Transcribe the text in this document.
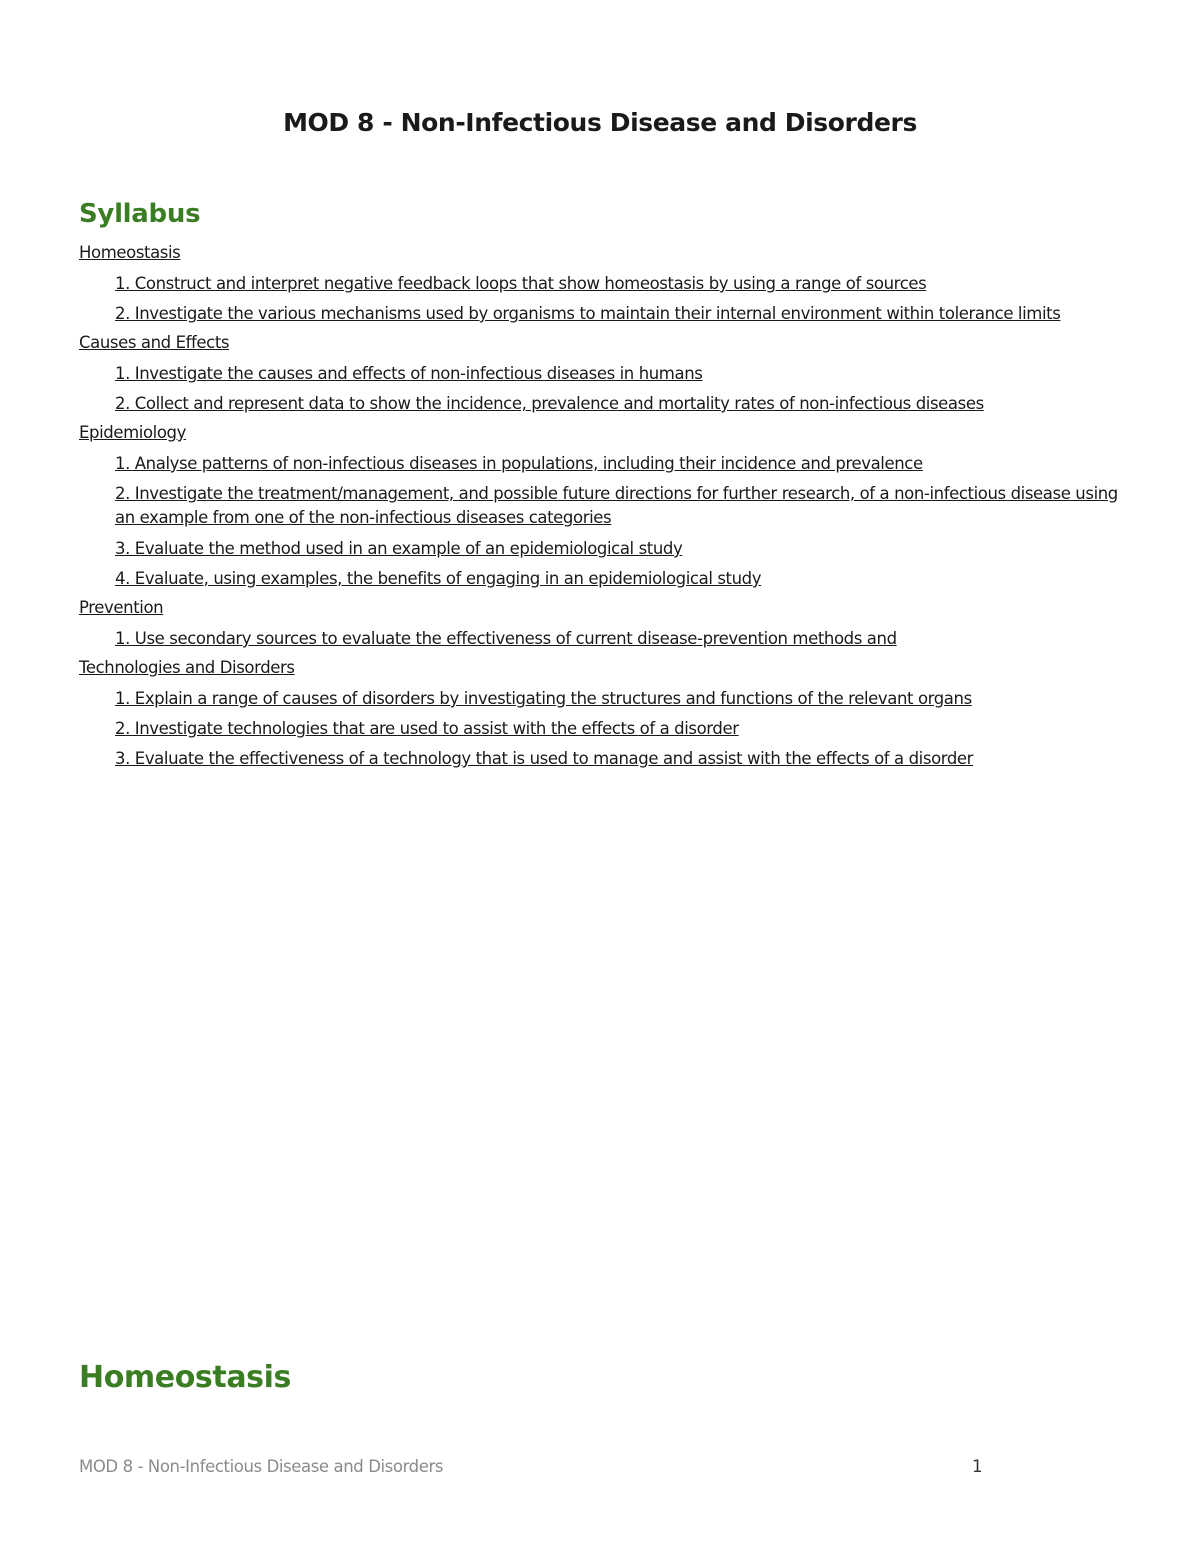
MOD 8 - Non-Infectious Disease and Disorders
Syllabus
Homeostasis
1. Construct and interpret negative feedback loops that show homeostasis by using a range of sources
2. Investigate the various mechanisms used by organisms to maintain their internal environment within tolerance limits
Causes and Effects
1. Investigate the causes and effects of non-infectious diseases in humans
2. Collect and represent data to show the incidence, prevalence and mortality rates of non-infectious diseases
Epidemiology
1. Analyse patterns of non-infectious diseases in populations, including their incidence and prevalence
2. Investigate the treatment/management, and possible future directions for further research, of a non-infectious disease using an example from one of the non-infectious diseases categories
3. Evaluate the method used in an example of an epidemiological study
4. Evaluate, using examples, the benefits of engaging in an epidemiological study
Prevention
1. Use secondary sources to evaluate the effectiveness of current disease-prevention methods and
Technologies and Disorders
1. Explain a range of causes of disorders by investigating the structures and functions of the relevant organs
2. Investigate technologies that are used to assist with the effects of a disorder
3. Evaluate the effectiveness of a technology that is used to manage and assist with the effects of a disorder
Homeostasis
MOD 8 - Non-Infectious Disease and Disorders	1
